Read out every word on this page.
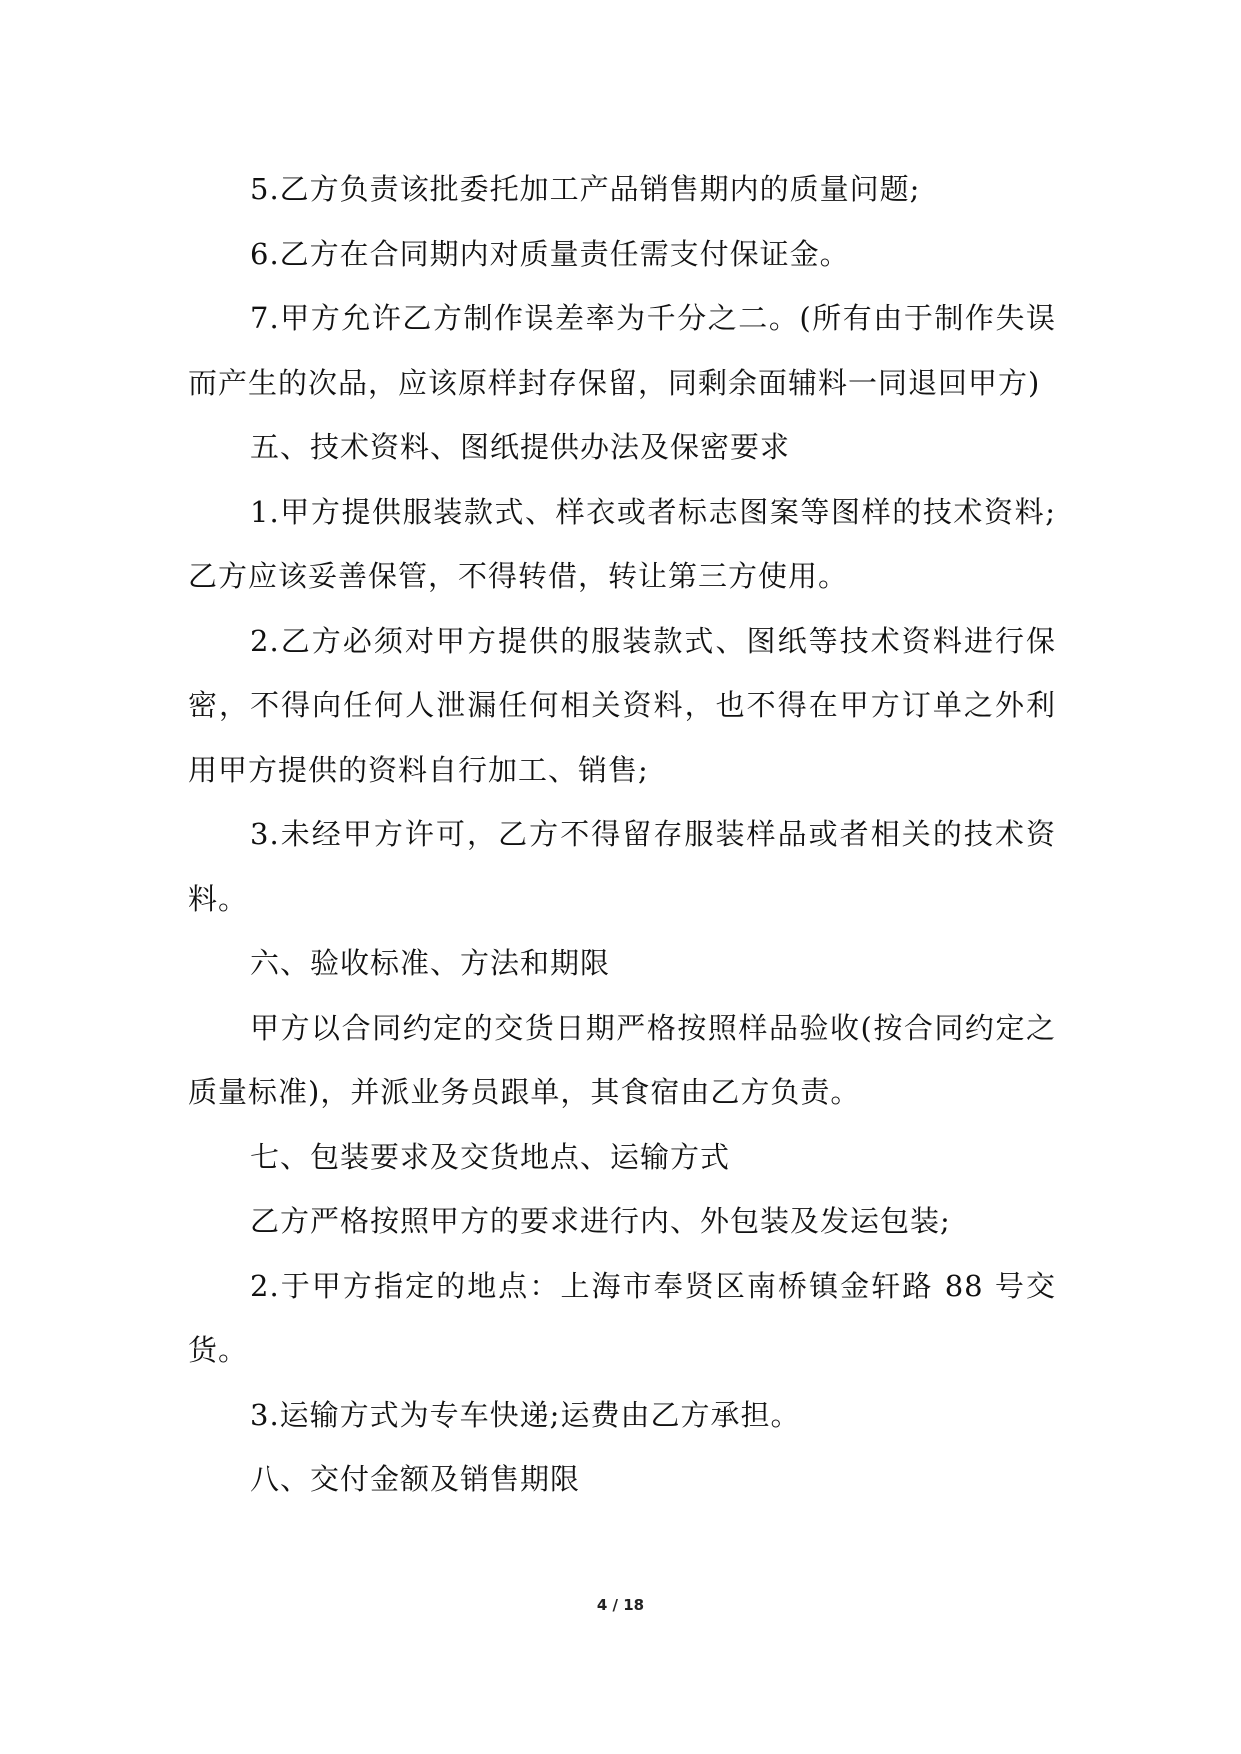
5.乙方负责该批委托加工产品销售期内的质量问题;

6.乙方在合同期内对质量责任需支付保证金。

7.甲方允许乙方制作误差率为千分之二。(所有由于制作失误而产生的次品，应该原样封存保留，同剩余面辅料一同退回甲方)

五、技术资料、图纸提供办法及保密要求

1.甲方提供服装款式、样衣或者标志图案等图样的技术资料;乙方应该妥善保管，不得转借，转让第三方使用。

2.乙方必须对甲方提供的服装款式、图纸等技术资料进行保密，不得向任何人泄漏任何相关资料，也不得在甲方订单之外利用甲方提供的资料自行加工、销售;

3.未经甲方许可，乙方不得留存服装样品或者相关的技术资料。

六、验收标准、方法和期限

甲方以合同约定的交货日期严格按照样品验收(按合同约定之质量标准)，并派业务员跟单，其食宿由乙方负责。

七、包装要求及交货地点、运输方式

乙方严格按照甲方的要求进行内、外包装及发运包装;

2.于甲方指定的地点：上海市奉贤区南桥镇金轩路 88 号交货。

3.运输方式为专车快递;运费由乙方承担。

八、交付金额及销售期限

4 / 18
